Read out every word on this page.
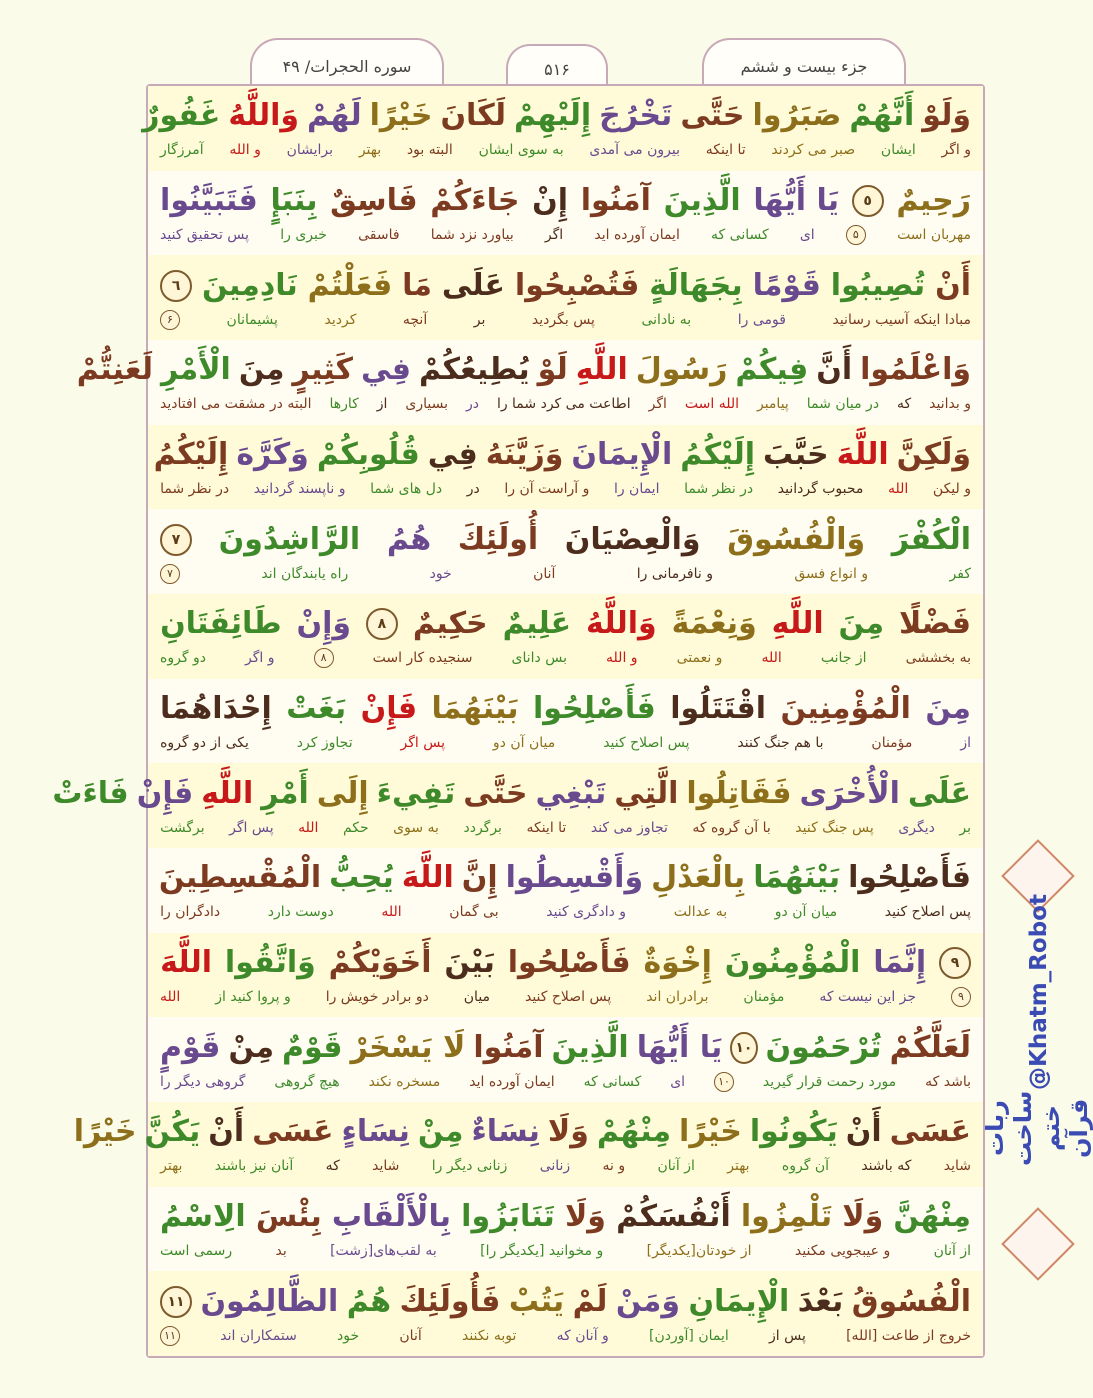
جزء بیست و ششم
۵۱۶
سوره الحجرات/ ۴۹
وَلَوْ
أَنَّهُمْ
صَبَرُوا
حَتَّى
تَخْرُجَ
إِلَيْهِمْ
لَكَانَ
خَيْرًا
لَهُمْ
وَاللَّهُ
غَفُورٌ
و اگر
ایشان
صبر می کردند
تا اینکه
بیرون می آمدی
به سوی ایشان
البته بود
بهتر
برایشان
و الله
آمرزگار
رَحِيمٌ
٥
يَا أَيُّهَا
الَّذِينَ
آمَنُوا
إِنْ
جَاءَكُمْ
فَاسِقٌ
بِنَبَإٍ
فَتَبَيَّنُوا
مهربان است
۵
ای
کسانی که
ایمان آورده اید
اگر
بیاورد نزد شما
فاسقی
خبری را
پس تحقیق کنید
أَنْ
تُصِيبُوا
قَوْمًا
بِجَهَالَةٍ
فَتُصْبِحُوا
عَلَى
مَا
فَعَلْتُمْ
نَادِمِينَ
٦
مبادا اینکه آسیب رسانید
قومی را
به نادانی
پس بگردید
بر
آنچه
کردید
پشیمانان
۶
وَاعْلَمُوا
أَنَّ
فِيكُمْ
رَسُولَ
اللَّهِ
لَوْ
يُطِيعُكُمْ
فِي
كَثِيرٍ
مِنَ
الْأَمْرِ
لَعَنِتُّمْ
و بدانید
که
در میان شما
پیامبر
الله است
اگر
اطاعت می کرد شما را
در
بسیاری
از
کارها
البته در مشقت می افتادید
وَلَكِنَّ
اللَّهَ
حَبَّبَ
إِلَيْكُمُ
الْإِيمَانَ
وَزَيَّنَهُ
فِي
قُلُوبِكُمْ
وَكَرَّهَ
إِلَيْكُمُ
و لیکن
الله
محبوب گردانید
در نظر شما
ایمان را
و آراست آن را
در
دل های شما
و ناپسند گردانید
در نظر شما
الْكُفْرَ
وَالْفُسُوقَ
وَالْعِصْيَانَ
أُولَئِكَ
هُمُ
الرَّاشِدُونَ
٧
کفر
و انواع فسق
و نافرمانی را
آنان
خود
راه یابندگان اند
۷
فَضْلًا
مِنَ
اللَّهِ
وَنِعْمَةً
وَاللَّهُ
عَلِيمٌ
حَكِيمٌ
٨
وَإِنْ
طَائِفَتَانِ
به بخششی
از جانب
الله
و نعمتی
و الله
بس دانای
سنجیده کار است
۸
و اگر
دو گروه
مِنَ
الْمُؤْمِنِينَ
اقْتَتَلُوا
فَأَصْلِحُوا
بَيْنَهُمَا
فَإِنْ
بَغَتْ
إِحْدَاهُمَا
از
مؤمنان
با هم جنگ کنند
پس اصلاح کنید
میان آن دو
پس اگر
تجاوز کرد
یکی از دو گروه
عَلَى
الْأُخْرَى
فَقَاتِلُوا
الَّتِي
تَبْغِي
حَتَّى
تَفِيءَ
إِلَى
أَمْرِ
اللَّهِ
فَإِنْ
فَاءَتْ
بر
دیگری
پس جنگ کنید
با آن گروه که
تجاوز می کند
تا اینکه
برگردد
به سوی
حکم
الله
پس اگر
برگشت
فَأَصْلِحُوا
بَيْنَهُمَا
بِالْعَدْلِ
وَأَقْسِطُوا
إِنَّ
اللَّهَ
يُحِبُّ
الْمُقْسِطِينَ
پس اصلاح کنید
میان آن دو
به عدالت
و دادگری کنید
بی گمان
الله
دوست دارد
دادگران را
٩
إِنَّمَا
الْمُؤْمِنُونَ
إِخْوَةٌ
فَأَصْلِحُوا
بَيْنَ
أَخَوَيْكُمْ
وَاتَّقُوا
اللَّهَ
۹
جز این نیست که
مؤمنان
برادران اند
پس اصلاح کنید
میان
دو برادر خویش را
و پروا کنید از
الله
لَعَلَّكُمْ
تُرْحَمُونَ
١٠
يَا أَيُّهَا
الَّذِينَ
آمَنُوا
لَا يَسْخَرْ
قَوْمٌ
مِنْ
قَوْمٍ
باشد که
مورد رحمت قرار گیرید
۱۰
ای
کسانی که
ایمان آورده اید
مسخره نکند
هیچ گروهی
گروهی دیگر را
عَسَى
أَنْ
يَكُونُوا
خَيْرًا
مِنْهُمْ
وَلَا
نِسَاءٌ
مِنْ
نِسَاءٍ
عَسَى
أَنْ
يَكُنَّ
خَيْرًا
شاید
که باشند
آن گروه
بهتر
از آنان
و نه
زنانی
زنانی دیگر را
شاید
که
آنان نیز باشند
بهتر
مِنْهُنَّ
وَلَا
تَلْمِزُوا
أَنْفُسَكُمْ
وَلَا
تَنَابَزُوا
بِالْأَلْقَابِ
بِئْسَ
الِاسْمُ
از آنان
و عیبجویی مکنید
از خودتان[یکدیگر]
و مخوانید [یکدیگر را]
به لقب‌های[زشت]
بد
رسمی است
الْفُسُوقُ
بَعْدَ
الْإِيمَانِ
وَمَنْ
لَمْ
يَتُبْ
فَأُولَئِكَ
هُمُ
الظَّالِمُونَ
١١
خروج از طاعت [الله]
پس از
ایمان [آوردن]
و آنان که
توبه نکنند
آنان
خود
ستمکاران اند
۱۱
ربات ساخت ختم قرآن
@Khatm_Robot
